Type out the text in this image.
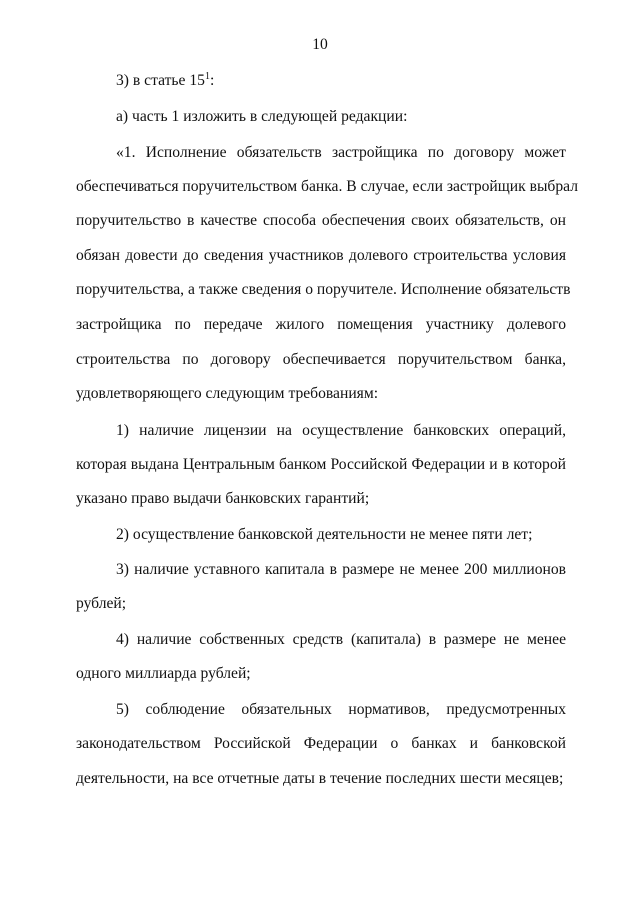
10
3) в статье $15^1$:
а) часть 1 изложить в следующей редакции:
«1. Исполнение обязательств застройщика по договору может
обеспечиваться поручительством банка. В случае, если застройщик выбрал
поручительство в качестве способа обеспечения своих обязательств, он
обязан довести до сведения участников долевого строительства условия
поручительства, а также сведения о поручителе. Исполнение обязательств
застройщика по передаче жилого помещения участнику долевого
строительства по договору обеспечивается поручительством банка,
удовлетворяющего следующим требованиям:
1) наличие лицензии на осуществление банковских операций,
которая выдана Центральным банком Российской Федерации и в которой
указано право выдачи банковских гарантий;
2) осуществление банковской деятельности не менее пяти лет;
3) наличие уставного капитала в размере не менее 200 миллионов
рублей;
4) наличие собственных средств (капитала) в размере не менее
одного миллиарда рублей;
5) соблюдение обязательных нормативов, предусмотренных
законодательством Российской Федерации о банках и банковской
деятельности, на все отчетные даты в течение последних шести месяцев;
